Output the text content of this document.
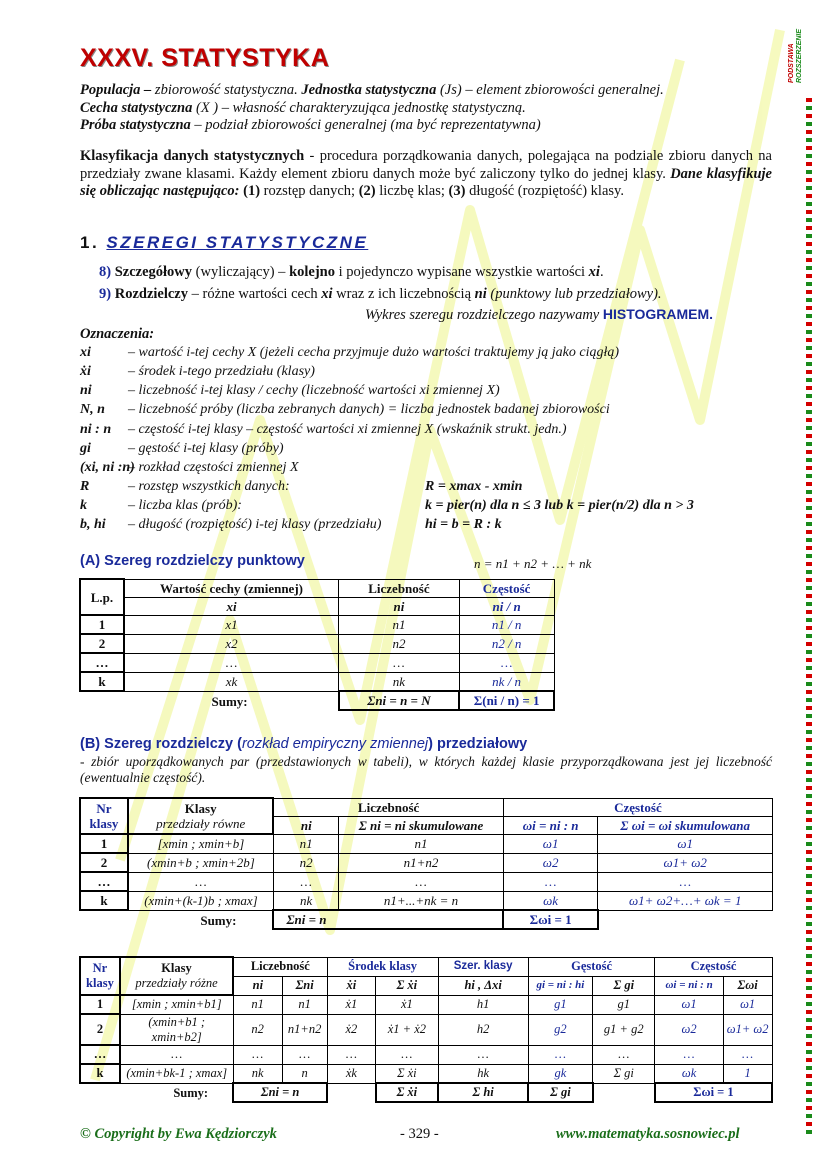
PODSTAWA ROZSZERZENIE
XXXV. STATYSTYKA
Populacja – zbiorowość statystyczna. Jednostka statystyczna (Js) – element zbiorowości generalnej.
Cecha statystyczna (X ) – własność charakteryzująca jednostkę statystyczną.
Próba statystyczna – podział zbiorowości generalnej (ma być reprezentatywna)
Klasyfikacja danych statystycznych - procedura porządkowania danych, polegająca na podziale zbioru danych na przedziały zwane klasami. Każdy element zbioru danych może być zaliczony tylko do jednej klasy. Dane klasyfikuje się obliczając następująco: (1) rozstęp danych; (2) liczbę klas; (3) długość (rozpiętość) klasy.
1. SZEREGI STATYSTYCZNE
8) Szczegółowy (wyliczający) – kolejno i pojedynczo wypisane wszystkie wartości xi.
9) Rozdzielczy – różne wartości cech xi wraz z ich liczebnością ni (punktowy lub przedziałowy).
Wykres szeregu rozdzielczego nazywamy HISTOGRAMEM.
Oznaczenia:
xi	– wartość i-tej cechy X (jeżeli cecha przyjmuje dużo wartości traktujemy ją jako ciągłą)
ẋi	– środek i-tego przedziału (klasy)
ni	– liczebność i-tej klasy / cechy (liczebność wartości xi zmiennej X)
N, n – liczebność próby (liczba zebranych danych) = liczba jednostek badanej zbiorowości
ni : n – częstość i-tej klasy – częstość wartości xi zmiennej X (wskaźnik strukt. jedn.)
gi	– gęstość i-tej klasy (próby)
(xi, ni :n)
– rozkład częstości zmiennej X
R	– rozstęp wszystkich danych:	R = xmax - xmin
k	– liczba klas (prób):	k = pier(n) dla n ≤ 3 lub k = pier(n/2) dla n > 3
b, hi – długość (rozpiętość) i-tej klasy (przedziału)	hi = b = R : k
(A) Szereg rozdzielczy punktowy	n = n1 + n2 + … + nk
L.p.	Wartość cechy (zmiennej)	Liczebność	Częstość
	xi	ni	ni / n
1	x1	n1	n1 / n
2	x2	n2	n2 / n
…	…	…	…
k	xk	nk	nk / n
Sumy:		Σni = n = N	Σ(ni / n) = 1
(B) Szereg rozdzielczy (rozkład empiryczny zmiennej) przedziałowy
- zbiór uporządkowanych par (przedstawionych w tabeli), w których każdej klasie przyporządkowana jest jej liczebność (ewentualnie częstość).
Nr klasy	Klasy
przedziały równe	Liczebność		Częstość	
		ni	Σ ni = ni skumulowane	ωi = ni : n	Σ ωi = ωi skumulowana
1	[xmin ; xmin+b]	n1	n1	ω1	ω1
2	(xmin+b ; xmin+2b]	n2	n1+n2	ω2	ω1+ ω2
…	…	…	…	…	…
k	(xmin+(k-1)b ; xmax]	nk	n1+...+nk = n	ωk	ω1+ ω2+…+ ωk = 1
Sumy:		Σni = n		Σωi = 1	
Nr klasy	Klasy
przedziały różne	Liczebność		Środek klasy		Szer. klasy	Gęstość		Częstość	
		ni	Σni	ẋi	Σ ẋi	hi , Δxi	gi = ni : hi	Σ gi	ωi = ni : n	Σωi
1	[xmin ; xmin+b1]	n1	n1	ẋ1	ẋ1	h1	g1	g1	ω1	ω1
2	(xmin+b1 ; xmin+b2]	n2	n1+n2	ẋ2	ẋ1 + ẋ2	h2	g2	g1 + g2	ω2	ω1+ ω2
…	…	…	…	…	…	…	…	…	…	…
k	(xmin+bk-1 ; xmax]	nk	n	ẋk	Σ ẋi	hk	gk	Σ gi	ωk	1
Sumy:		Σni = n			Σ ẋi	Σ hi	Σ gi		Σωi = 1	
© Copyright by Ewa Kędziorczyk	- 329 -	www.matematyka.sosnowiec.pl
